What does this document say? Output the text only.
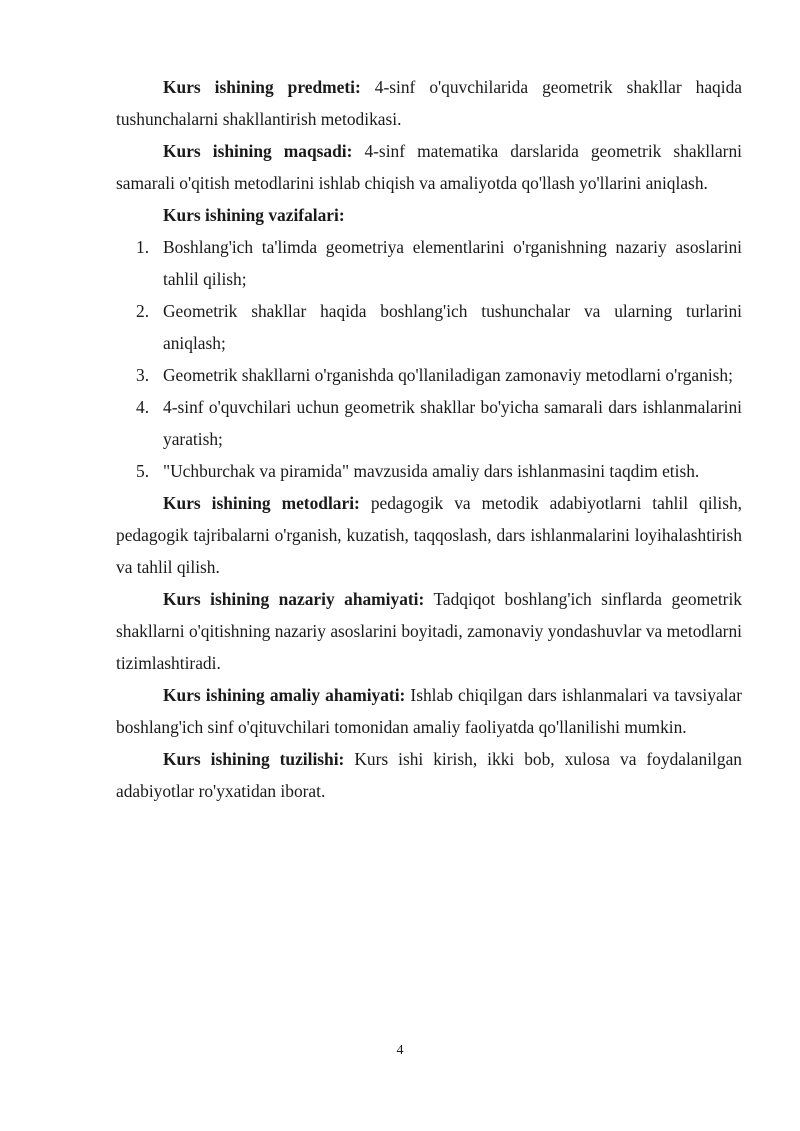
Kurs ishining predmeti: 4-sinf o'quvchilarida geometrik shakllar haqida tushunchalarni shakllantirish metodikasi.

Kurs ishining maqsadi: 4-sinf matematika darslarida geometrik shakllarni samarali o'qitish metodlarini ishlab chiqish va amaliyotda qo'llash yo'llarini aniqlash.

Kurs ishining vazifalari:

1. Boshlang'ich ta'limda geometriya elementlarini o'rganishning nazariy asoslarini tahlil qilish;
2. Geometrik shakllar haqida boshlang'ich tushunchalar va ularning turlarini aniqlash;
3. Geometrik shakllarni o'rganishda qo'llaniladigan zamonaviy metodlarni o'rganish;
4. 4-sinf o'quvchilari uchun geometrik shakllar bo'yicha samarali dars ishlanmalarini yaratish;
5. "Uchburchak va piramida" mavzusida amaliy dars ishlanmasini taqdim etish.

Kurs ishining metodlari: pedagogik va metodik adabiyotlarni tahlil qilish, pedagogik tajribalarni o'rganish, kuzatish, taqqoslash, dars ishlanmalarini loyihalashtirish va tahlil qilish.

Kurs ishining nazariy ahamiyati: Tadqiqot boshlang'ich sinflarda geometrik shakllarni o'qitishning nazariy asoslarini boyitadi, zamonaviy yondashuvlar va metodlarni tizimlashtiradi.

Kurs ishining amaliy ahamiyati: Ishlab chiqilgan dars ishlanmalari va tavsiyalar boshlang'ich sinf o'qituvchilari tomonidan amaliy faoliyatda qo'llanilishi mumkin.

Kurs ishining tuzilishi: Kurs ishi kirish, ikki bob, xulosa va foydalanilgan adabiyotlar ro'yxatidan iborat.

4
